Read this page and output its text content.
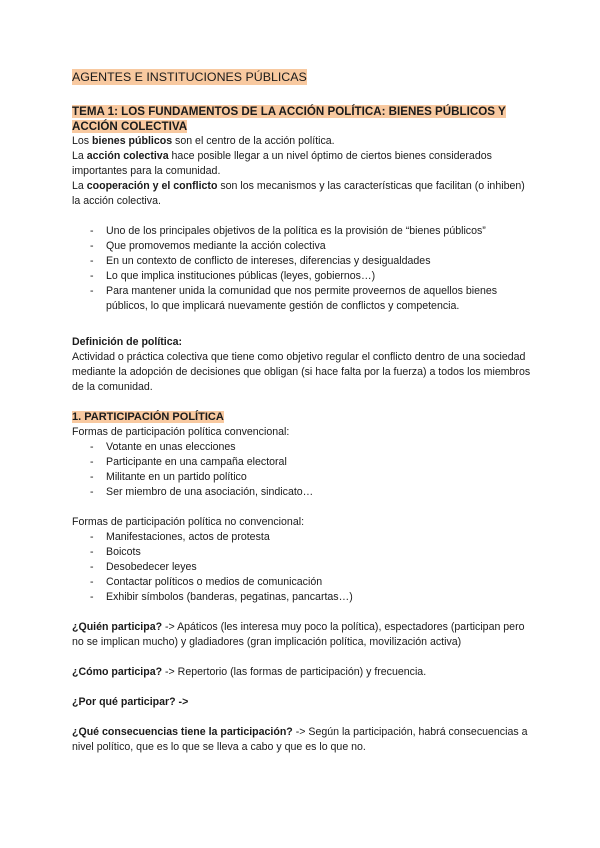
AGENTES E INSTITUCIONES PÚBLICAS

TEMA 1: LOS FUNDAMENTOS DE LA ACCIÓN POLÍTICA: BIENES PÚBLICOS Y ACCIÓN COLECTIVA

Los bienes públicos son el centro de la acción política.

La acción colectiva hace posible llegar a un nivel óptimo de ciertos bienes considerados importantes para la comunidad.

La cooperación y el conflicto son los mecanismos y las características que facilitan (o inhiben) la acción colectiva.

- Uno de los principales objetivos de la política es la provisión de “bienes públicos”
- Que promovemos mediante la acción colectiva
- En un contexto de conflicto de intereses, diferencias y desigualdades
- Lo que implica instituciones públicas (leyes, gobiernos…)
- Para mantener unida la comunidad que nos permite proveernos de aquellos bienes públicos, lo que implicará nuevamente gestión de conflictos y competencia.

Definición de política:

Actividad o práctica colectiva que tiene como objetivo regular el conflicto dentro de una sociedad mediante la adopción de decisiones que obligan (si hace falta por la fuerza) a todos los miembros de la comunidad.

1. PARTICIPACIÓN POLÍTICA

Formas de participación política convencional:

- Votante en unas elecciones
- Participante en una campaña electoral
- Militante en un partido político
- Ser miembro de una asociación, sindicato…

Formas de participación política no convencional:

- Manifestaciones, actos de protesta
- Boicots
- Desobedecer leyes
- Contactar políticos o medios de comunicación
- Exhibir símbolos (banderas, pegatinas, pancartas…)

¿Quién participa? -> Apáticos (les interesa muy poco la política), espectadores (participan pero no se implican mucho) y gladiadores (gran implicación política, movilización activa)

¿Cómo participa? -> Repertorio (las formas de participación) y frecuencia.

¿Por qué participar? ->

¿Qué consecuencias tiene la participación? -> Según la participación, habrá consecuencias a nivel político, que es lo que se lleva a cabo y que es lo que no.
